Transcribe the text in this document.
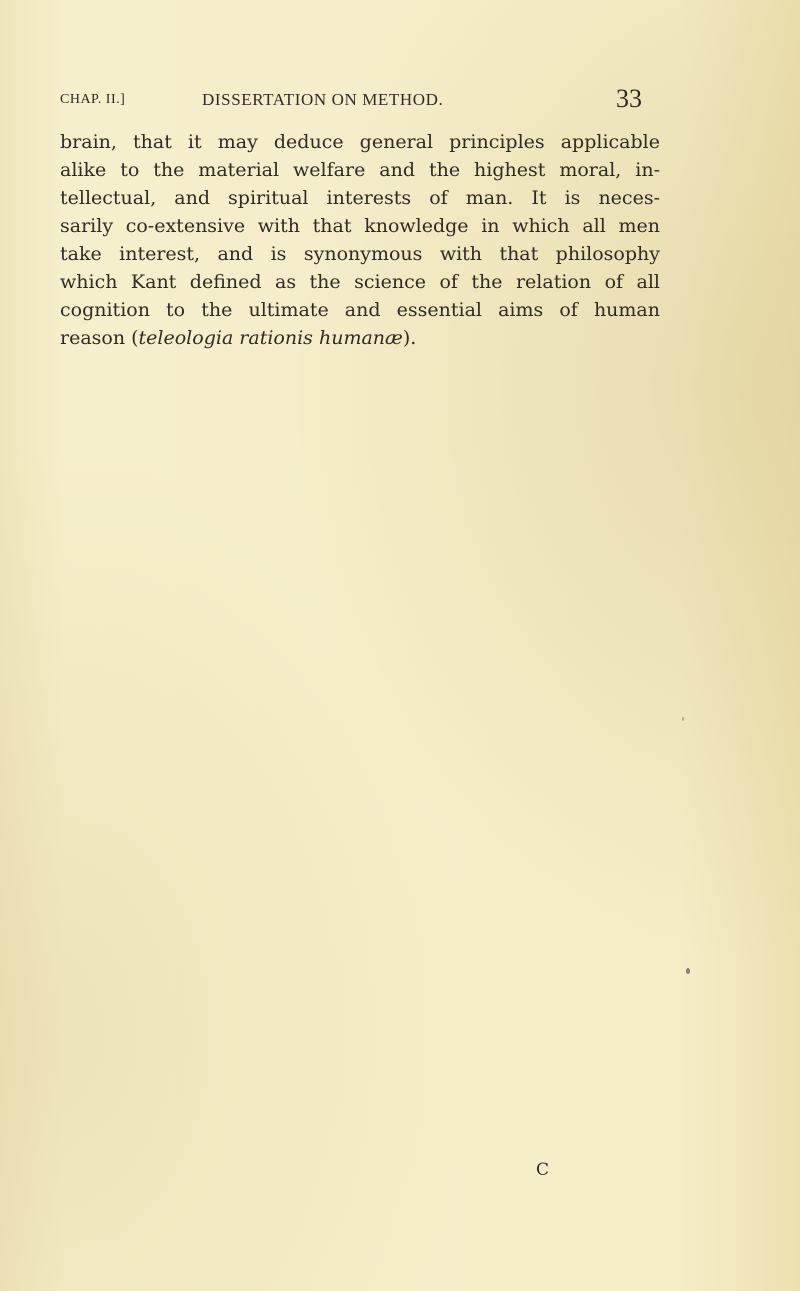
CHAP. II.]	DISSERTATION ON METHOD.	33
brain, that it may deduce general principles applicable
alike to the material welfare and the highest moral, in-
tellectual, and spiritual interests of man. It is neces-
sarily co-extensive with that knowledge in which all men
take interest, and is synonymous with that philosophy
which Kant defined as the science of the relation of all
cognition to the ultimate and essential aims of human
reason (teleologia rationis humanæ).
C
